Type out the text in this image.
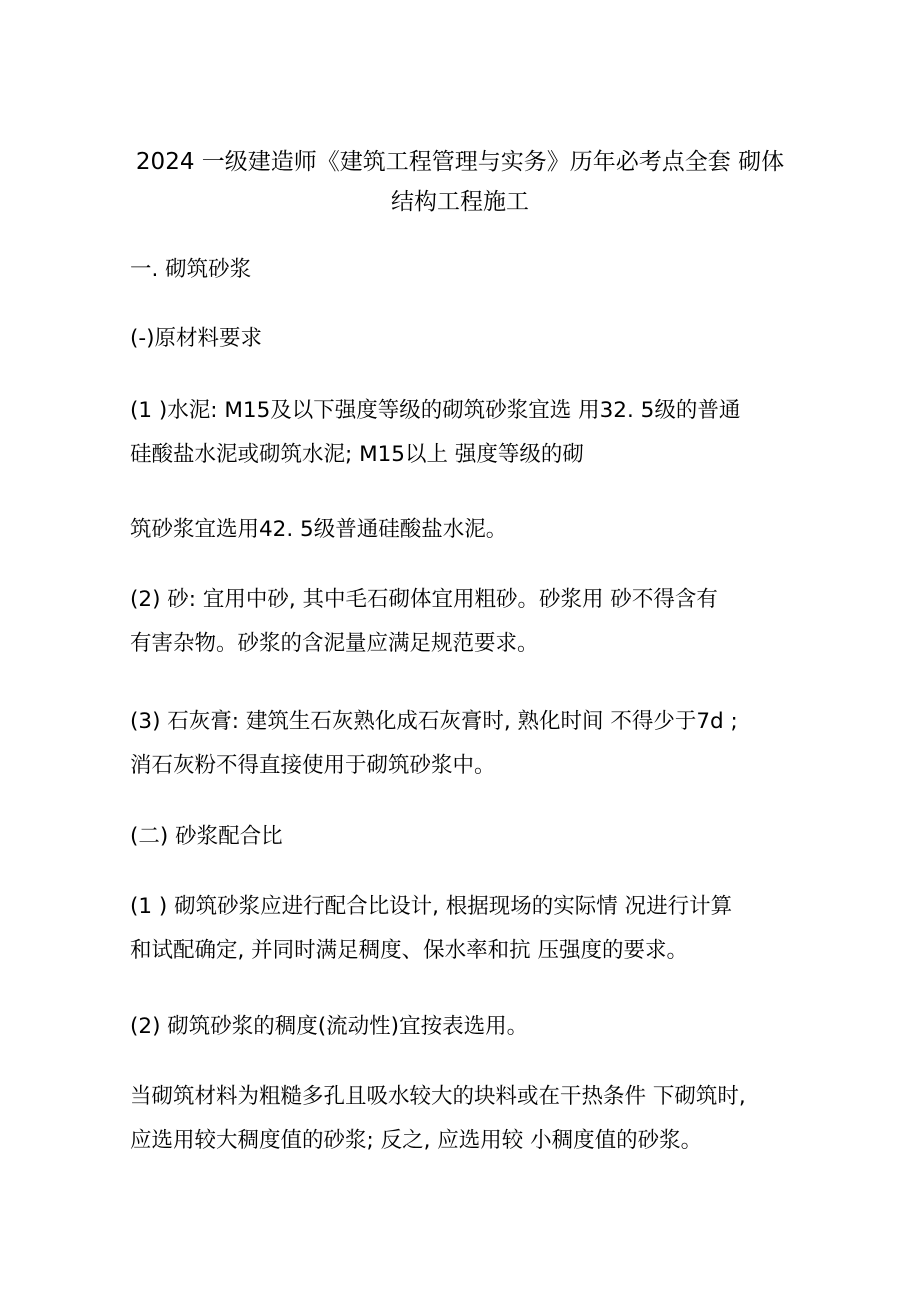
2024 一级建造师《建筑工程管理与实务》历年必考点全套 砌体
结构工程施工
一. 砌筑砂浆
(-)原材料要求
(1 )水泥: M15及以下强度等级的砌筑砂浆宜选 用32. 5级的普通
硅酸盐水泥或砌筑水泥; M15以上 强度等级的砌
筑砂浆宜选用42. 5级普通硅酸盐水泥。
(2) 砂: 宜用中砂, 其中毛石砌体宜用粗砂。砂浆用 砂不得含有
有害杂物。砂浆的含泥量应满足规范要求。
(3) 石灰膏: 建筑生石灰熟化成石灰膏时, 熟化时间 不得少于7d ;
消石灰粉不得直接使用于砌筑砂浆中。
(二) 砂浆配合比
(1 ) 砌筑砂浆应进行配合比设计, 根据现场的实际情 况进行计算
和试配确定, 并同时满足稠度、保水率和抗 压强度的要求。
(2) 砌筑砂浆的稠度(流动性)宜按表选用。
当砌筑材料为粗糙多孔且吸水较大的块料或在干热条件 下砌筑时,
应选用较大稠度值的砂浆; 反之, 应选用较 小稠度值的砂浆。
